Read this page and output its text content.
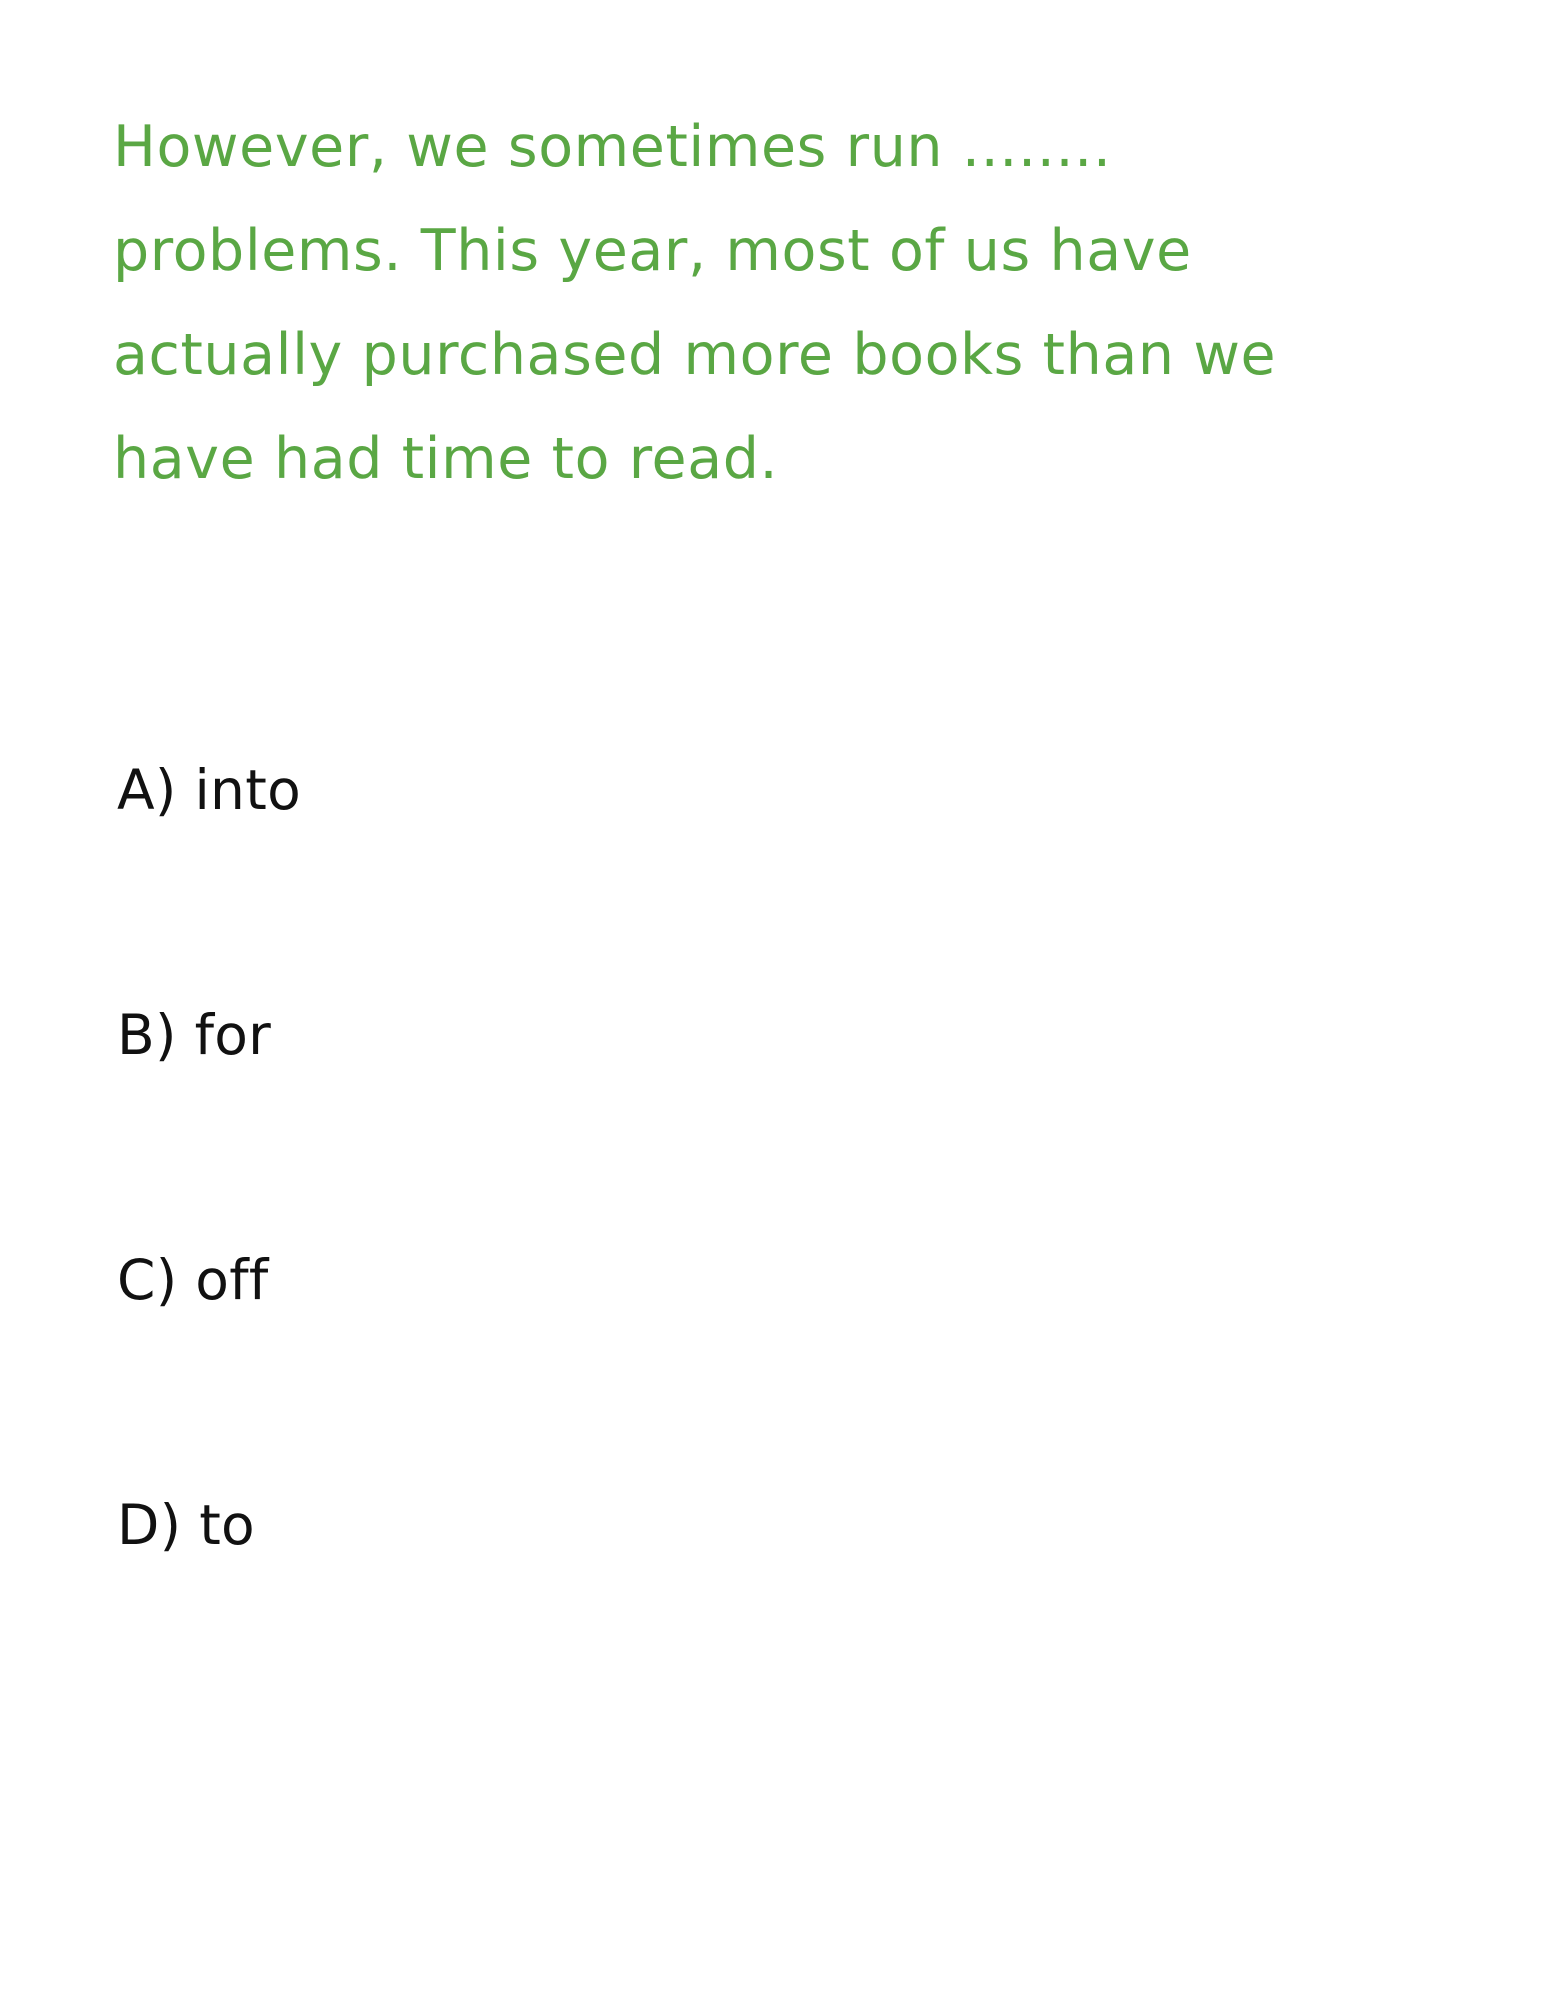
However, we sometimes run ........ problems. This year, most of us have actually purchased more books than we have had time to read.
A) into
B) for
C) off
D) to
